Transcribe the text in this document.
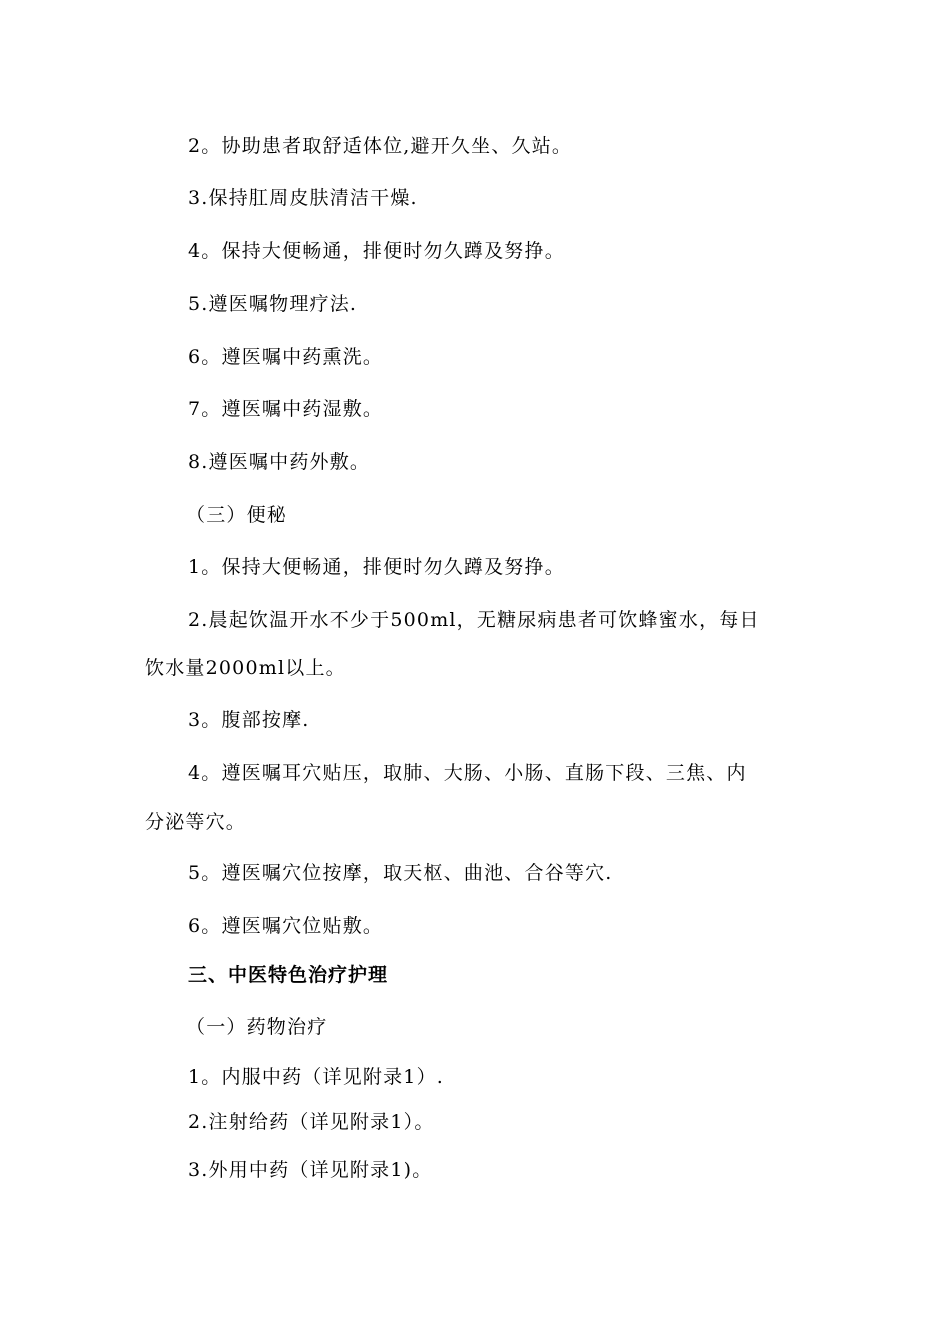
2。协助患者取舒适体位,避开久坐、久站。
3.保持肛周皮肤清洁干燥.
4。保持大便畅通，排便时勿久蹲及努挣。
5.遵医嘱物理疗法.
6。遵医嘱中药熏洗。
7。遵医嘱中药湿敷。
8.遵医嘱中药外敷。
（三）便秘
1。保持大便畅通，排便时勿久蹲及努挣。
2.晨起饮温开水不少于500ml，无糖尿病患者可饮蜂蜜水，每日
饮水量2000ml以上。
3。腹部按摩.
4。遵医嘱耳穴贴压，取肺、大肠、小肠、直肠下段、三焦、内
分泌等穴。
5。遵医嘱穴位按摩，取天枢、曲池、合谷等穴.
6。遵医嘱穴位贴敷。
三、中医特色治疗护理
（一）药物治疗
1。内服中药（详见附录1）.
2.注射给药（详见附录1）。
3.外用中药（详见附录1)。
